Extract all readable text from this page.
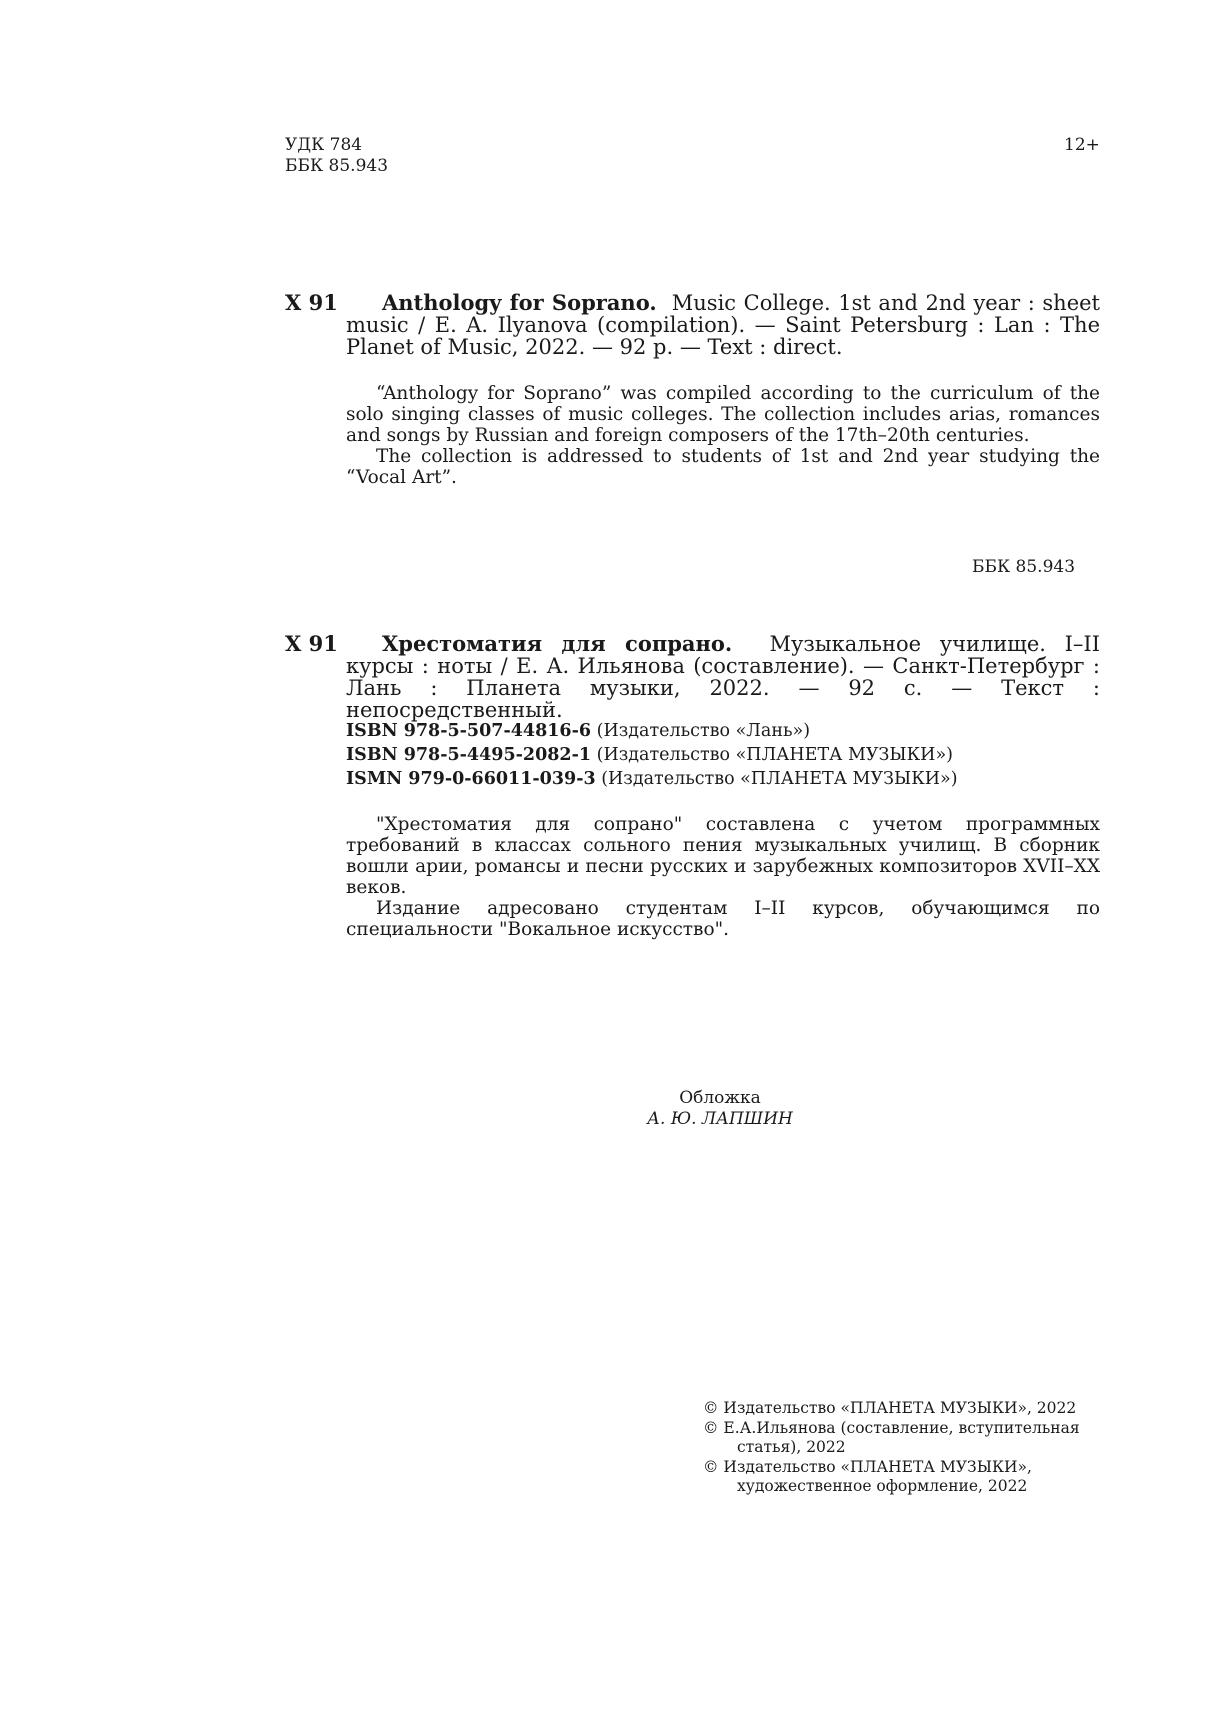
УДК 784
ББК 85.943
12+
Х 91	Anthology for Soprano. Music College. 1st and 2nd year : sheet music / E. A. Ilyanova (compilation). — Saint Petersburg : Lan : The Planet of Music, 2022. — 92 p. — Text : direct.

“Anthology for Soprano” was compiled according to the curriculum of the solo singing classes of music colleges. The collection includes arias, romances and songs by Russian and foreign composers of the 17th–20th centuries.

The collection is addressed to students of 1st and 2nd year studying the “Vocal Art”.

ББК 85.943
Х 91	Хрестоматия для сопрано. Музыкальное училище. I–II курсы : ноты / Е. А. Ильянова (составление). — Санкт-Петербург : Лань : Планета музыки, 2022. — 92 с. — Текст : непосредственный.
ISBN 978-5-507-44816-6 (Издательство «Лань»)
ISBN 978-5-4495-2082-1 (Издательство «ПЛАНЕТА МУЗЫКИ»)
ISMN 979-0-66011-039-3 (Издательство «ПЛАНЕТА МУЗЫКИ»)

"Хрестоматия для сопрано" составлена с учетом программных требований в классах сольного пения музыкальных училищ. В сборник вошли арии, романсы и песни русских и зарубежных композиторов XVII–XX веков.

Издание адресовано студентам I–II курсов, обучающимся по специальности "Вокальное искусство".

Обложка
А. Ю. ЛАПШИН
© Издательство «ПЛАНЕТА МУЗЫКИ», 2022
© Е.А.Ильянова (составление, вступительная статья), 2022
© Издательство «ПЛАНЕТА МУЗЫКИ», художественное оформление, 2022
